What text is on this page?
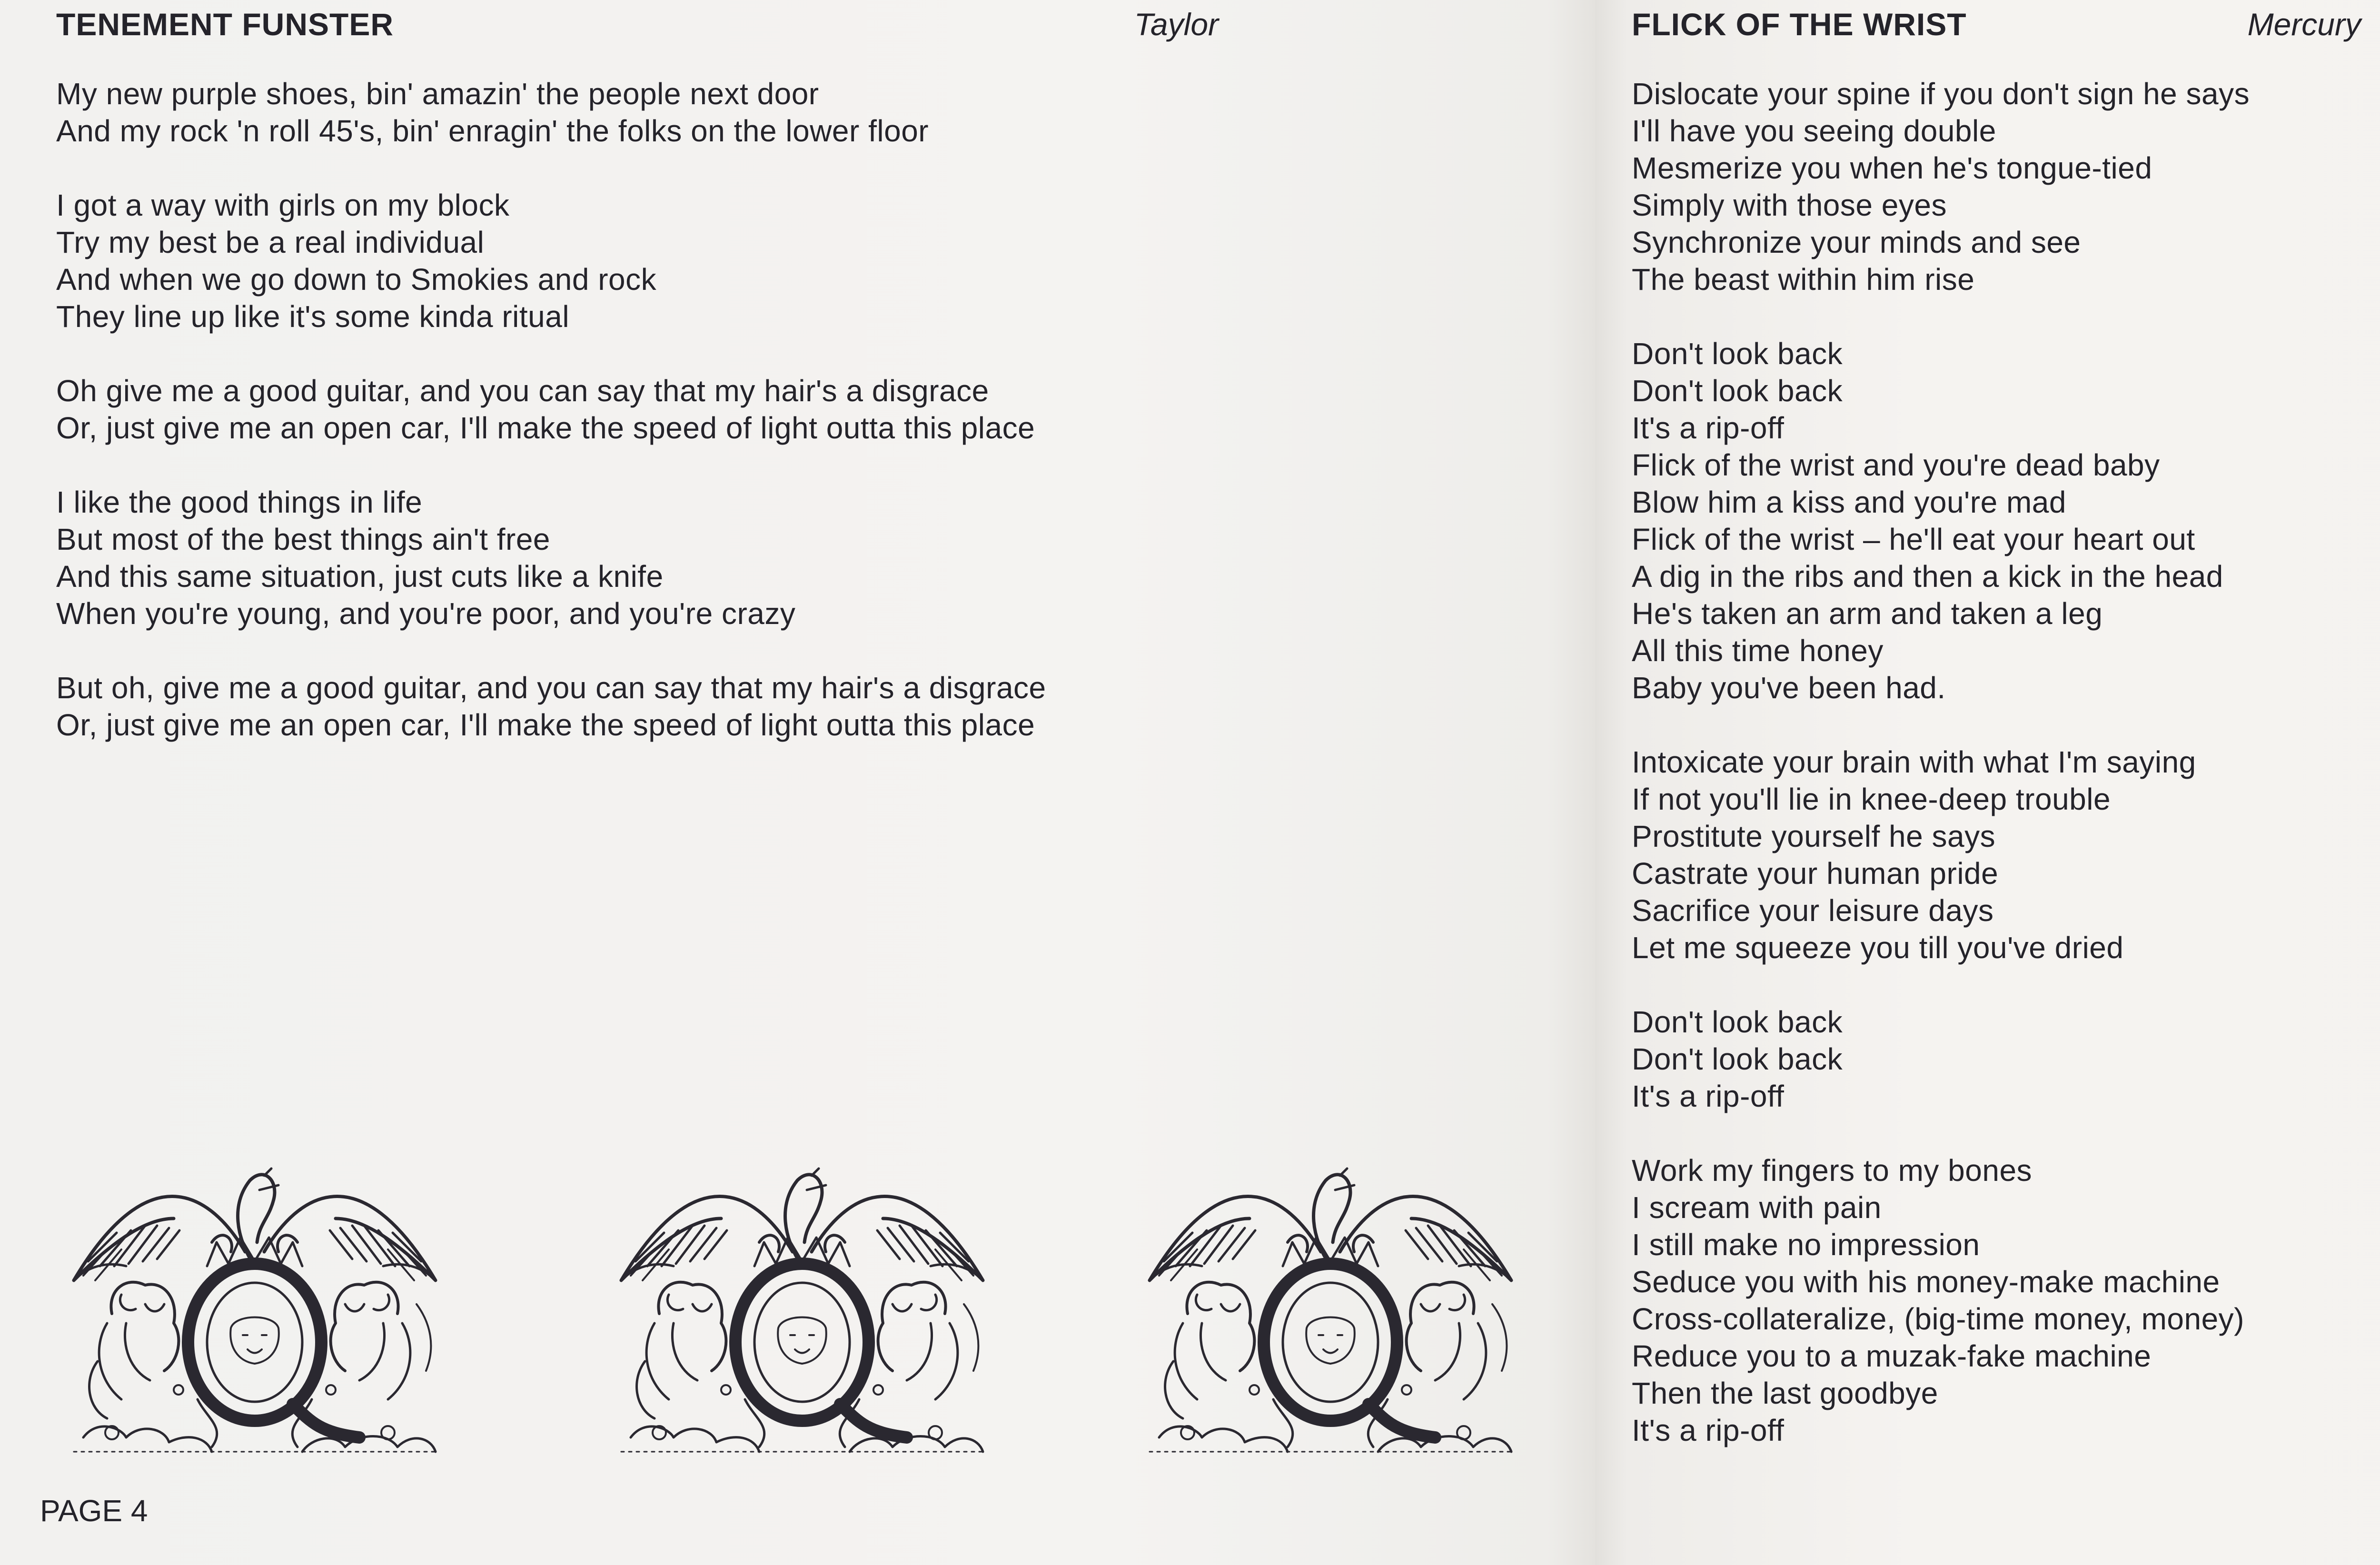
TENEMENT FUNSTER	Taylor
My new purple shoes, bin' amazin' the people next door
And my rock 'n roll 45's, bin' enragin' the folks on the lower floor
I got a way with girls on my block
Try my best be a real individual
And when we go down to Smokies and rock
They line up like it's some kinda ritual
Oh give me a good guitar, and you can say that my hair's a disgrace
Or, just give me an open car, I'll make the speed of light outta this place
I like the good things in life
But most of the best things ain't free
And this same situation, just cuts like a knife
When you're young, and you're poor, and you're crazy
But oh, give me a good guitar, and you can say that my hair's a disgrace
Or, just give me an open car, I'll make the speed of light outta this place
PAGE 4
FLICK OF THE WRIST	Mercury
Dislocate your spine if you don't sign he says
I'll have you seeing double
Mesmerize you when he's tongue-tied
Simply with those eyes
Synchronize your minds and see
The beast within him rise
Don't look back
Don't look back
It's a rip-off
Flick of the wrist and you're dead baby
Blow him a kiss and you're mad
Flick of the wrist – he'll eat your heart out
A dig in the ribs and then a kick in the head
He's taken an arm and taken a leg
All this time honey
Baby you've been had.
Intoxicate your brain with what I'm saying
If not you'll lie in knee-deep trouble
Prostitute yourself he says
Castrate your human pride
Sacrifice your leisure days
Let me squeeze you till you've dried
Don't look back
Don't look back
It's a rip-off
Work my fingers to my bones
I scream with pain
I still make no impression
Seduce you with his money-make machine
Cross-collateralize, (big-time money, money)
Reduce you to a muzak-fake machine
Then the last goodbye
It's a rip-off
